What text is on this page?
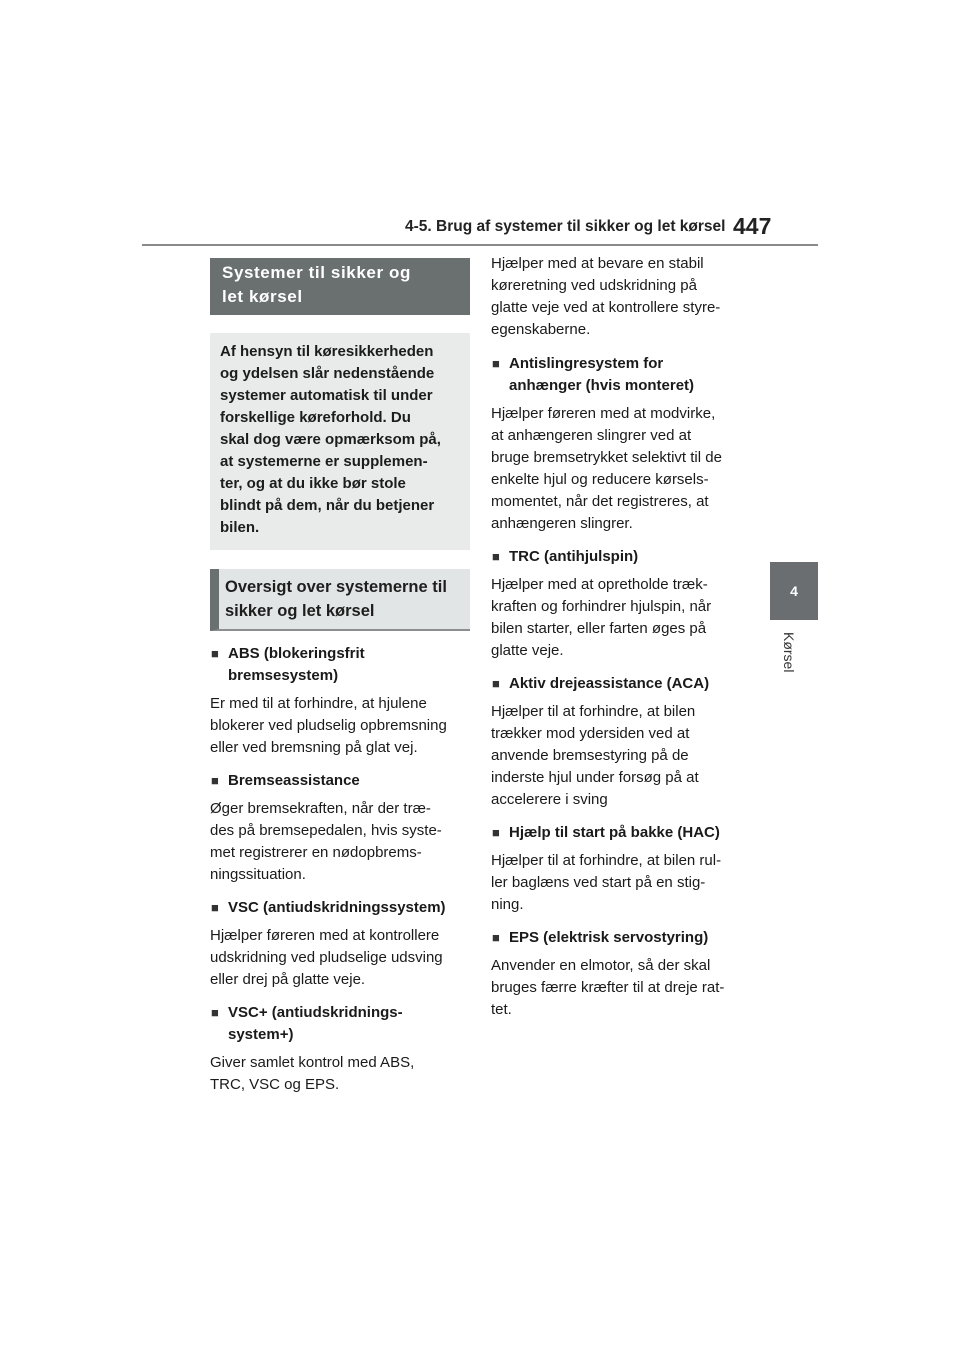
4-5. Brug af systemer til sikker og let kørsel 447
4
Kørsel
Systemer til sikker og
let kørsel
Af hensyn til køresikkerheden
og ydelsen slår nedenstående
systemer automatisk til under
forskellige køreforhold. Du
skal dog være opmærksom på,
at systemerne er supplemen-
ter, og at du ikke bør stole
blindt på dem, når du betjener
bilen.
Oversigt over systemerne til
sikker og let kørsel
■ ABS (blokeringsfrit
bremsesystem)
Er med til at forhindre, at hjulene
blokerer ved pludselig opbremsning
eller ved bremsning på glat vej.
■ Bremseassistance
Øger bremsekraften, når der træ-
des på bremsepedalen, hvis syste-
met registrerer en nødopbrems-
ningssituation.
■ VSC (antiudskridningssystem)
Hjælper føreren med at kontrollere
udskridning ved pludselige udsving
eller drej på glatte veje.
■ VSC+ (antiudskridnings-
system+)
Giver samlet kontrol med ABS,
TRC, VSC og EPS.
Hjælper med at bevare en stabil
køreretning ved udskridning på
glatte veje ved at kontrollere styre-
egenskaberne.
■ Antislingresystem for
anhænger (hvis monteret)
Hjælper føreren med at modvirke,
at anhængeren slingrer ved at
bruge bremsetrykket selektivt til de
enkelte hjul og reducere kørsels-
momentet, når det registreres, at
anhængeren slingrer.
■ TRC (antihjulspin)
Hjælper med at opretholde træk-
kraften og forhindrer hjulspin, når
bilen starter, eller farten øges på
glatte veje.
■ Aktiv drejeassistance (ACA)
Hjælper til at forhindre, at bilen
trækker mod ydersiden ved at
anvende bremsestyring på de
inderste hjul under forsøg på at
accelerere i sving
■ Hjælp til start på bakke (HAC)
Hjælper til at forhindre, at bilen rul-
ler baglæns ved start på en stig-
ning.
■ EPS (elektrisk servostyring)
Anvender en elmotor, så der skal
bruges færre kræfter til at dreje rat-
tet.
